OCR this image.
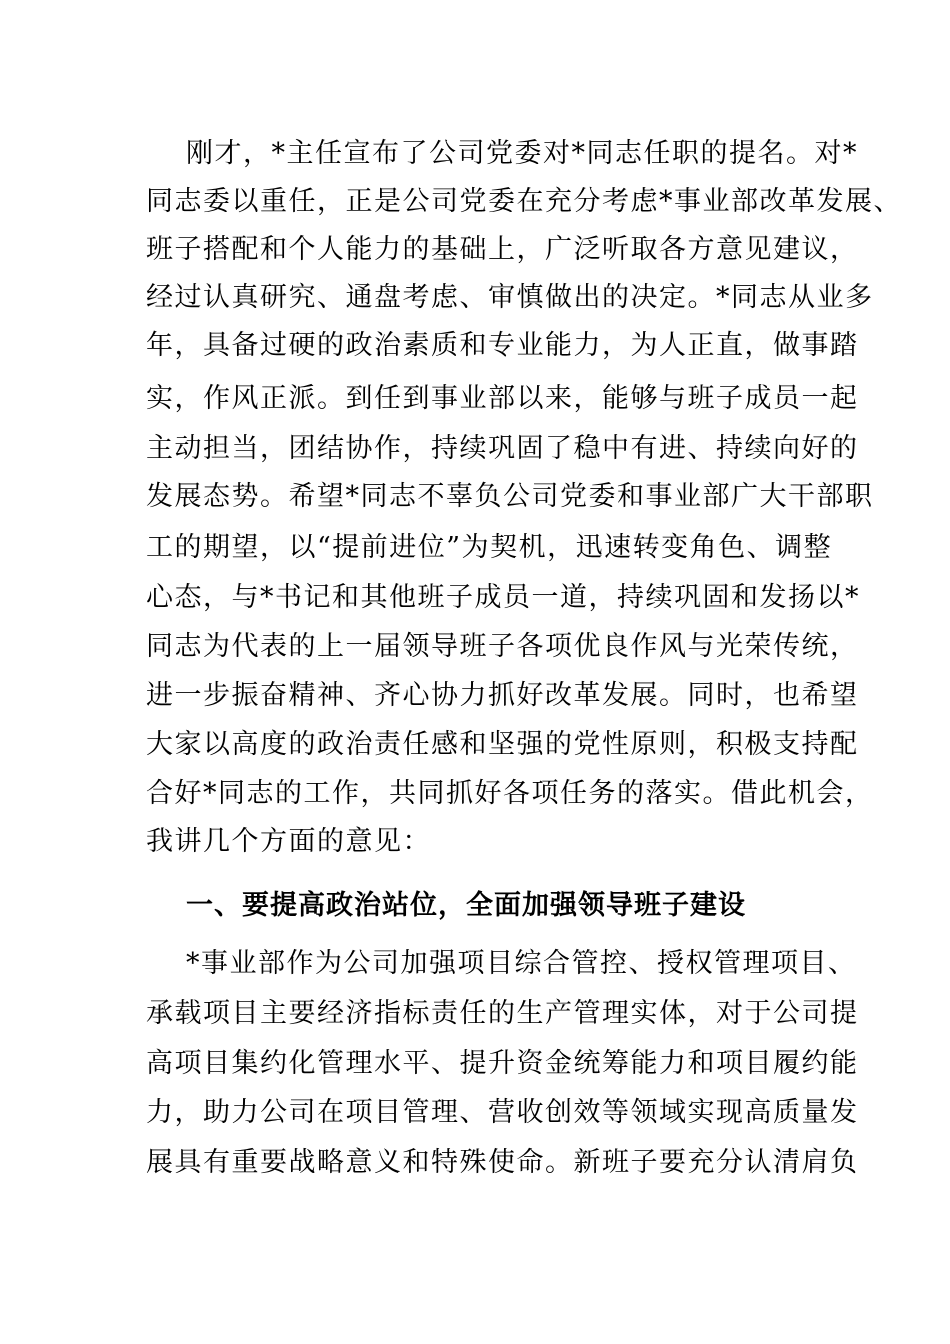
刚才，*主任宣布了公司党委对*同志任职的提名。对*
同志委以重任，正是公司党委在充分考虑*事业部改革发展、
班子搭配和个人能力的基础上，广泛听取各方意见建议，
经过认真研究、通盘考虑、审慎做出的决定。*同志从业多
年，具备过硬的政治素质和专业能力，为人正直，做事踏
实，作风正派。到任到事业部以来，能够与班子成员一起
主动担当，团结协作，持续巩固了稳中有进、持续向好的
发展态势。希望*同志不辜负公司党委和事业部广大干部职
工的期望，以“提前进位”为契机，迅速转变角色、调整
心态，与*书记和其他班子成员一道，持续巩固和发扬以*
同志为代表的上一届领导班子各项优良作风与光荣传统，
进一步振奋精神、齐心协力抓好改革发展。同时，也希望
大家以高度的政治责任感和坚强的党性原则，积极支持配
合好*同志的工作，共同抓好各项任务的落实。借此机会，
我讲几个方面的意见：
一、要提高政治站位，全面加强领导班子建设
*事业部作为公司加强项目综合管控、授权管理项目、
承载项目主要经济指标责任的生产管理实体，对于公司提
高项目集约化管理水平、提升资金统筹能力和项目履约能
力，助力公司在项目管理、营收创效等领域实现高质量发
展具有重要战略意义和特殊使命。新班子要充分认清肩负
